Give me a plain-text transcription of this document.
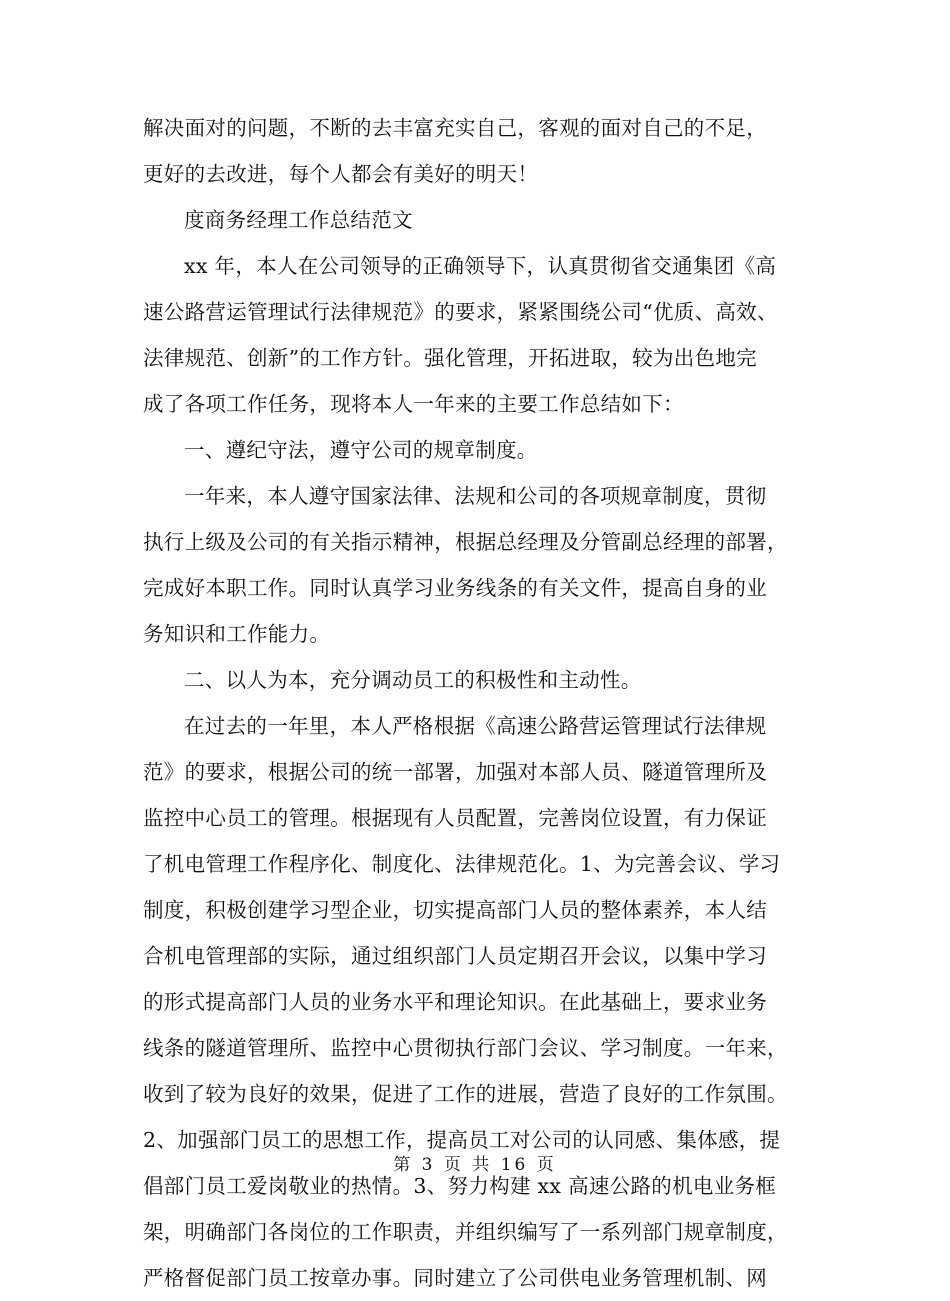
解决面对的问题，不断的去丰富充实自己，客观的面对自己的不足，
更好的去改进，每个人都会有美好的明天！
度商务经理工作总结范文
xx 年，本人在公司领导的正确领导下，认真贯彻省交通集团《高
速公路营运管理试行法律规范》的要求，紧紧围绕公司“优质、高效、
法律规范、创新”的工作方针。强化管理，开拓进取，较为出色地完
成了各项工作任务，现将本人一年来的主要工作总结如下：
一、遵纪守法，遵守公司的规章制度。
一年来，本人遵守国家法律、法规和公司的各项规章制度，贯彻
执行上级及公司的有关指示精神，根据总经理及分管副总经理的部署，
完成好本职工作。同时认真学习业务线条的有关文件，提高自身的业
务知识和工作能力。
二、以人为本，充分调动员工的积极性和主动性。
在过去的一年里，本人严格根据《高速公路营运管理试行法律规
范》的要求，根据公司的统一部署，加强对本部人员、隧道管理所及
监控中心员工的管理。根据现有人员配置，完善岗位设置，有力保证
了机电管理工作程序化、制度化、法律规范化。1、为完善会议、学习
制度，积极创建学习型企业，切实提高部门人员的整体素养，本人结
合机电管理部的实际，通过组织部门人员定期召开会议，以集中学习
的形式提高部门人员的业务水平和理论知识。在此基础上，要求业务
线条的隧道管理所、监控中心贯彻执行部门会议、学习制度。一年来，
收到了较为良好的效果，促进了工作的进展，营造了良好的工作氛围。
2、加强部门员工的思想工作，提高员工对公司的认同感、集体感，提
倡部门员工爱岗敬业的热情。3、努力构建 xx 高速公路的机电业务框
架，明确部门各岗位的工作职责，并组织编写了一系列部门规章制度，
严格督促部门员工按章办事。同时建立了公司供电业务管理机制、网
第 3 页 共 16 页
